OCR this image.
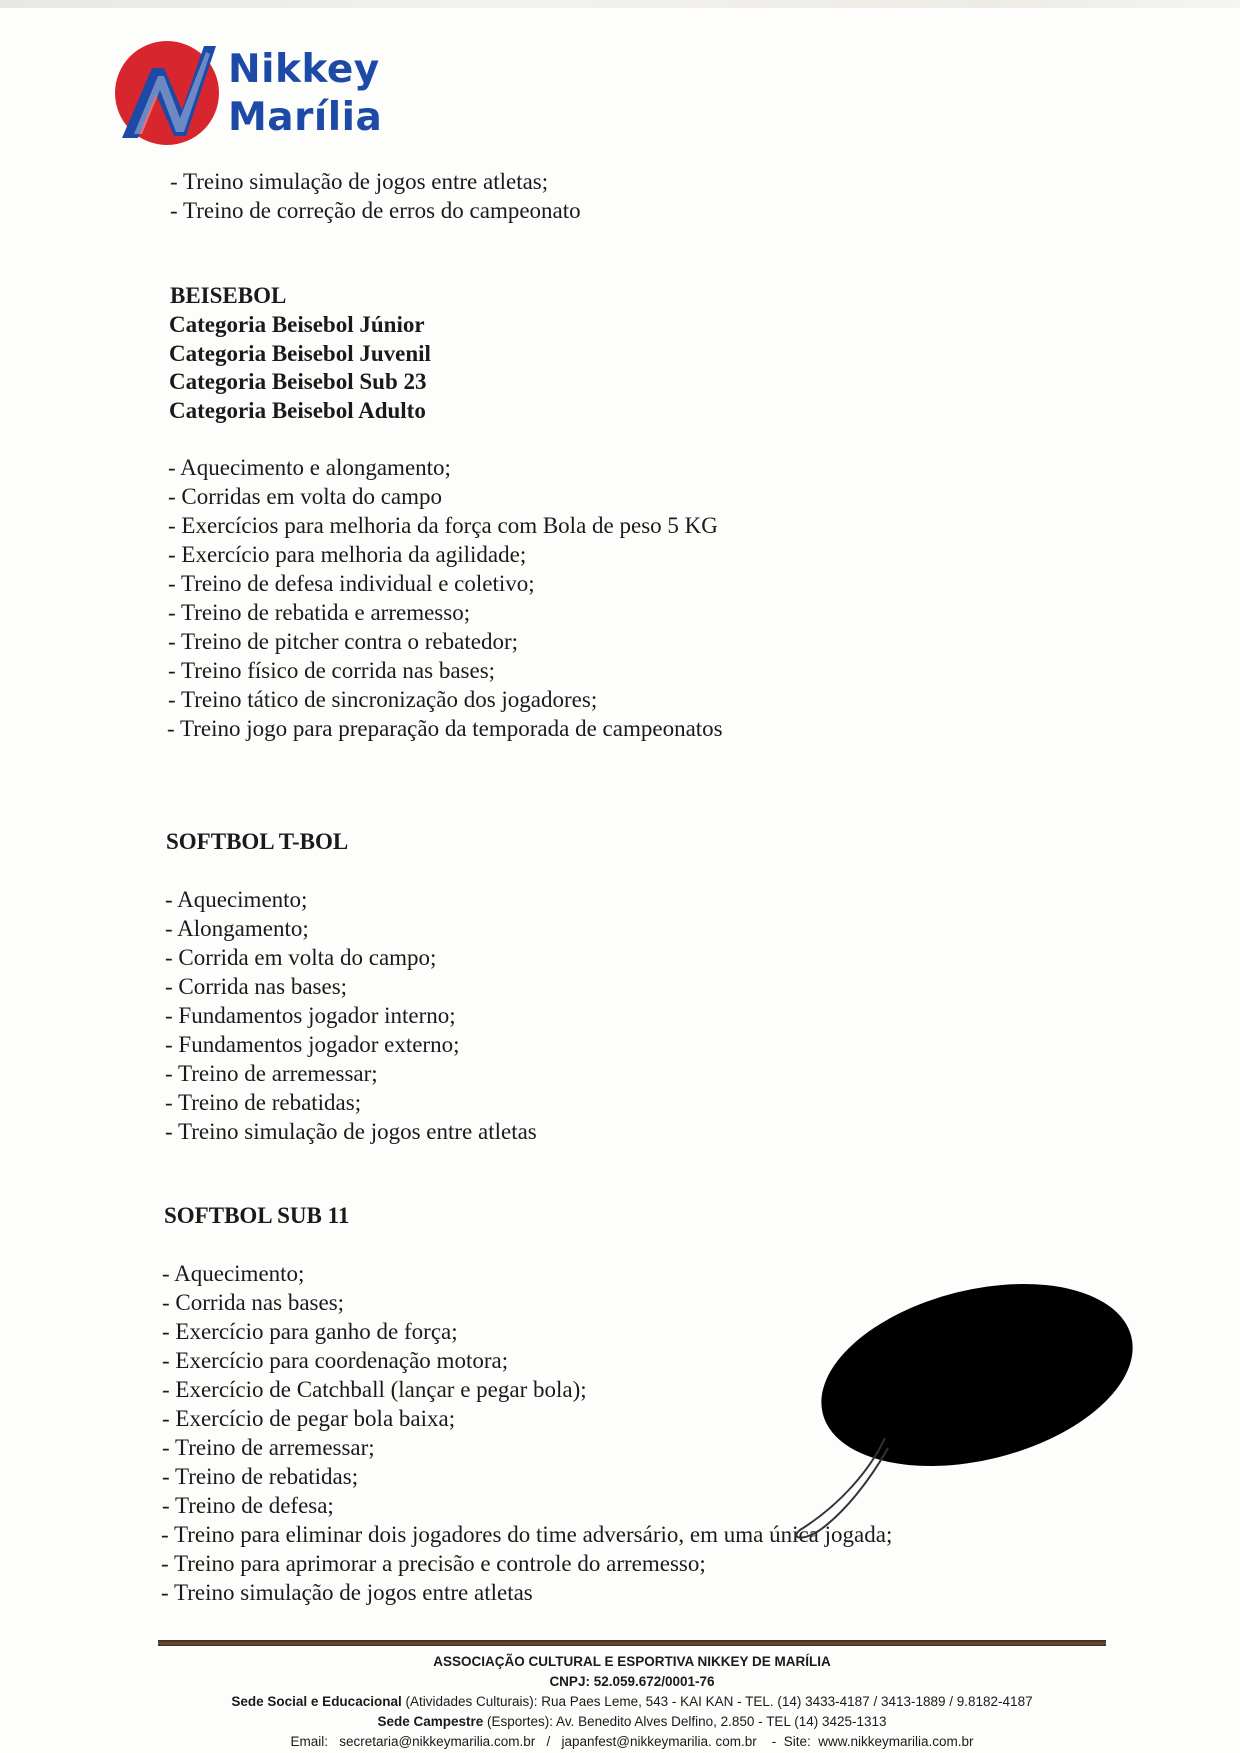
Nikkey
Marília
- Treino simulação de jogos entre atletas;
- Treino de correção de erros do campeonato
BEISEBOL
Categoria Beisebol Júnior
Categoria Beisebol Juvenil
Categoria Beisebol Sub 23
Categoria Beisebol Adulto
- Aquecimento e alongamento;
- Corridas em volta do campo
- Exercícios para melhoria da força com Bola de peso 5 KG
- Exercício para melhoria da agilidade;
- Treino de defesa individual e coletivo;
- Treino de rebatida e arremesso;
- Treino de pitcher contra o rebatedor;
- Treino físico de corrida nas bases;
- Treino tático de sincronização dos jogadores;
- Treino jogo para preparação da temporada de campeonatos
SOFTBOL T-BOL
- Aquecimento;
- Alongamento;
- Corrida em volta do campo;
- Corrida nas bases;
- Fundamentos jogador interno;
- Fundamentos jogador externo;
- Treino de arremessar;
- Treino de rebatidas;
- Treino simulação de jogos entre atletas
SOFTBOL SUB 11
- Aquecimento;
- Corrida nas bases;
- Exercício para ganho de força;
- Exercício para coordenação motora;
- Exercício de Catchball (lançar e pegar bola);
- Exercício de pegar bola baixa;
- Treino de arremessar;
- Treino de rebatidas;
- Treino de defesa;
- Treino para eliminar dois jogadores do time adversário, em uma única jogada;
- Treino para aprimorar a precisão e controle do arremesso;
- Treino simulação de jogos entre atletas
ASSOCIAÇÃO CULTURAL E ESPORTIVA NIKKEY DE MARÍLIA
CNPJ: 52.059.672/0001-76
Sede Social e Educacional (Atividades Culturais): Rua Paes Leme, 543 - KAI KAN - TEL. (14) 3433-4187 / 3413-1889 / 9.8182-4187
Sede Campestre (Esportes): Av. Benedito Alves Delfino, 2.850 - TEL (14) 3425-1313
Email:   secretaria@nikkeymarilia.com.br   /   japanfest@nikkeymarilia. com.br    -  Site:  www.nikkeymarilia.com.br
